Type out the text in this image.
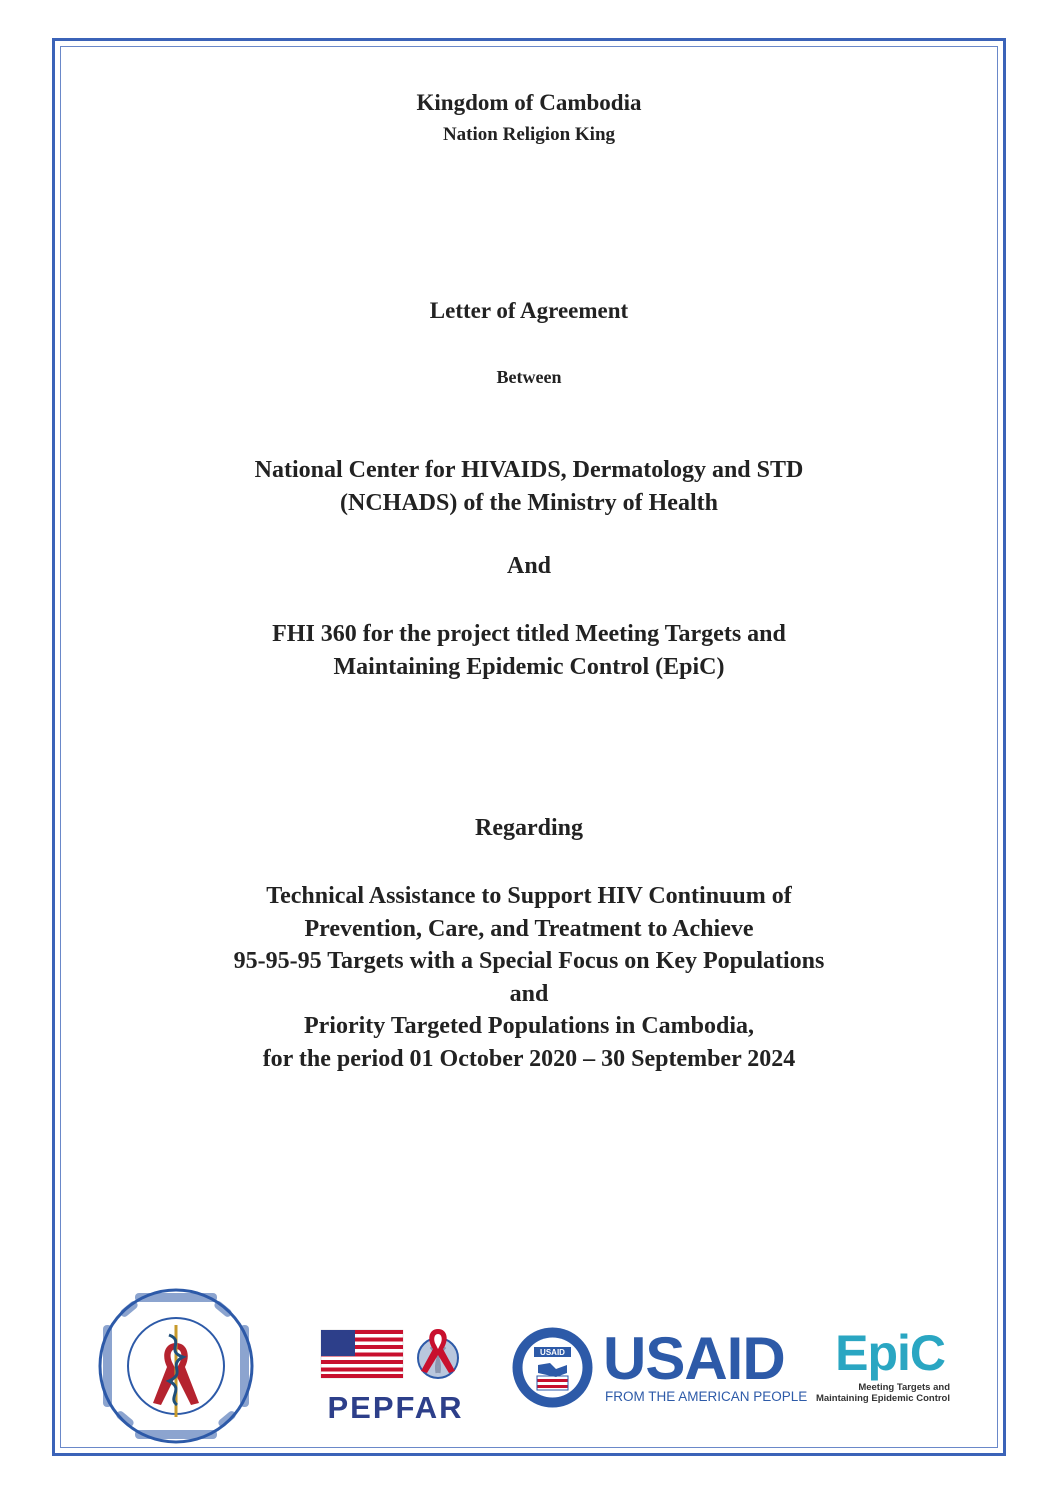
Kingdom of Cambodia
Nation Religion King
Letter of Agreement
Between
National Center for HIVAIDS, Dermatology and STD
(NCHADS) of the Ministry of Health
And
FHI 360 for the project titled Meeting Targets and
Maintaining Epidemic Control (EpiC)
Regarding
Technical Assistance to Support HIV Continuum of
Prevention, Care, and Treatment to Achieve
95-95-95 Targets with a Special Focus on Key Populations
and
Priority Targeted Populations in Cambodia,
for the period 01 October 2020 – 30 September 2024
PEPFAR
USAID USAID
FROM THE AMERICAN PEOPLE
EpiC
Meeting Targets and
Maintaining Epidemic Control
